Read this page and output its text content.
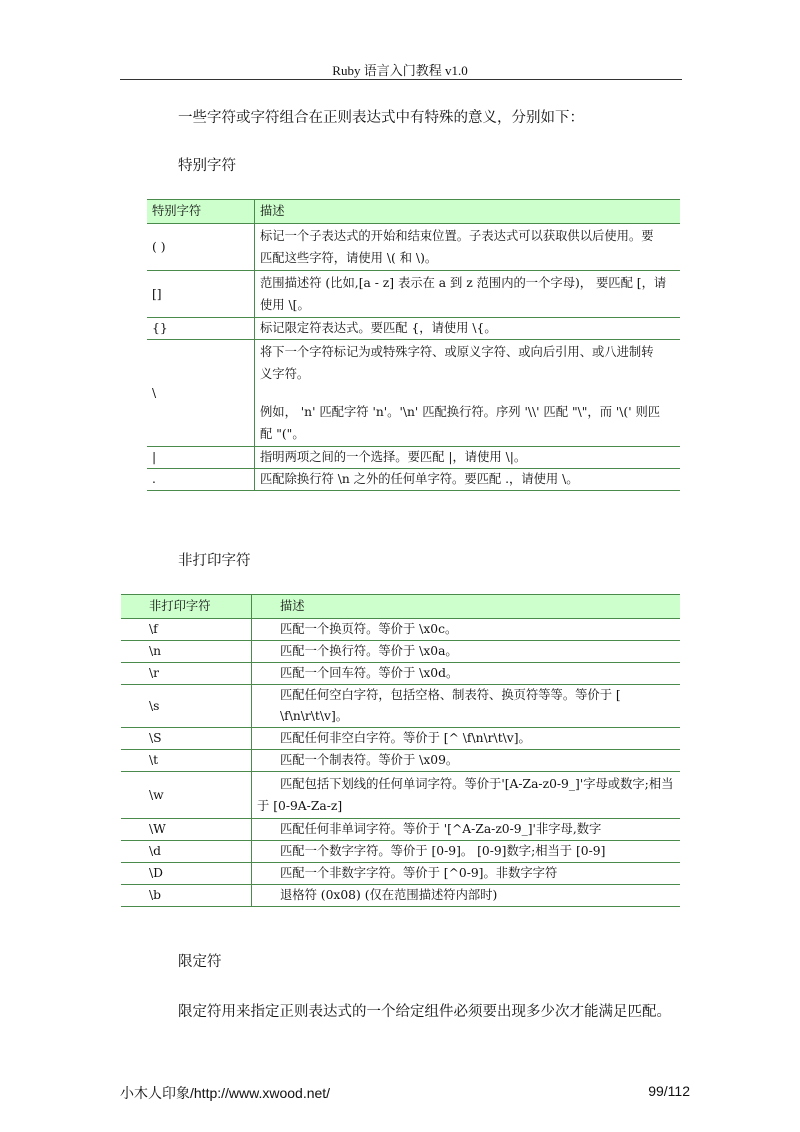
Ruby 语言入门教程 v1.0
一些字符或字符组合在正则表达式中有特殊的意义，分别如下：
特别字符
特别字符	描述
( )	标记一个子表达式的开始和结束位置。子表达式可以获取供以后使用。要
匹配这些字符，请使用 \( 和 \)。

[]	范围描述符 (比如,[a - z] 表示在 a 到 z 范围内的一个字母)， 要匹配 [，请
使用 \[。

{}	标记限定符表达式。要匹配 {，请使用 \{。
\	将下一个字符标记为或特殊字符、或原义字符、或向后引用、或八进制转
义字符。
例如， 'n' 匹配字符 'n'。'\n' 匹配换行符。序列 '\\' 匹配 "\"，而 '\(' 则匹
配 "("。

|	指明两项之间的一个选择。要匹配 |，请使用 \|。
.	匹配除换行符 \n 之外的任何单字符。要匹配 .，请使用 \。
非打印字符
非打印字符	描述
\f	匹配一个换页符。等价于 \x0c。
\n	匹配一个换行符。等价于 \x0a。
\r	匹配一个回车符。等价于 \x0d。
\s	匹配任何空白字符，包括空格、制表符、换页符等等。等价于 [ \f\n\r\t\v]。
\S	匹配任何非空白字符。等价于 [^ \f\n\r\t\v]。
\t	匹配一个制表符。等价于 \x09。
\w	匹配包括下划线的任何单词字符。等价于'[A-Za-z0-9_]'字母或数字;相当
于 [0-9A-Za-z]

\W	匹配任何非单词字符。等价于 '[^A-Za-z0-9_]'非字母,数字
\d	匹配一个数字字符。等价于 [0-9]。 [0-9]数字;相当于 [0-9]
\D	匹配一个非数字字符。等价于 [^0-9]。非数字字符
\b	退格符 (0x08) (仅在范围描述符内部时)
限定符
限定符用来指定正则表达式的一个给定组件必须要出现多少次才能满足匹配。
小木人印象/http://www.xwood.net/	99/112
